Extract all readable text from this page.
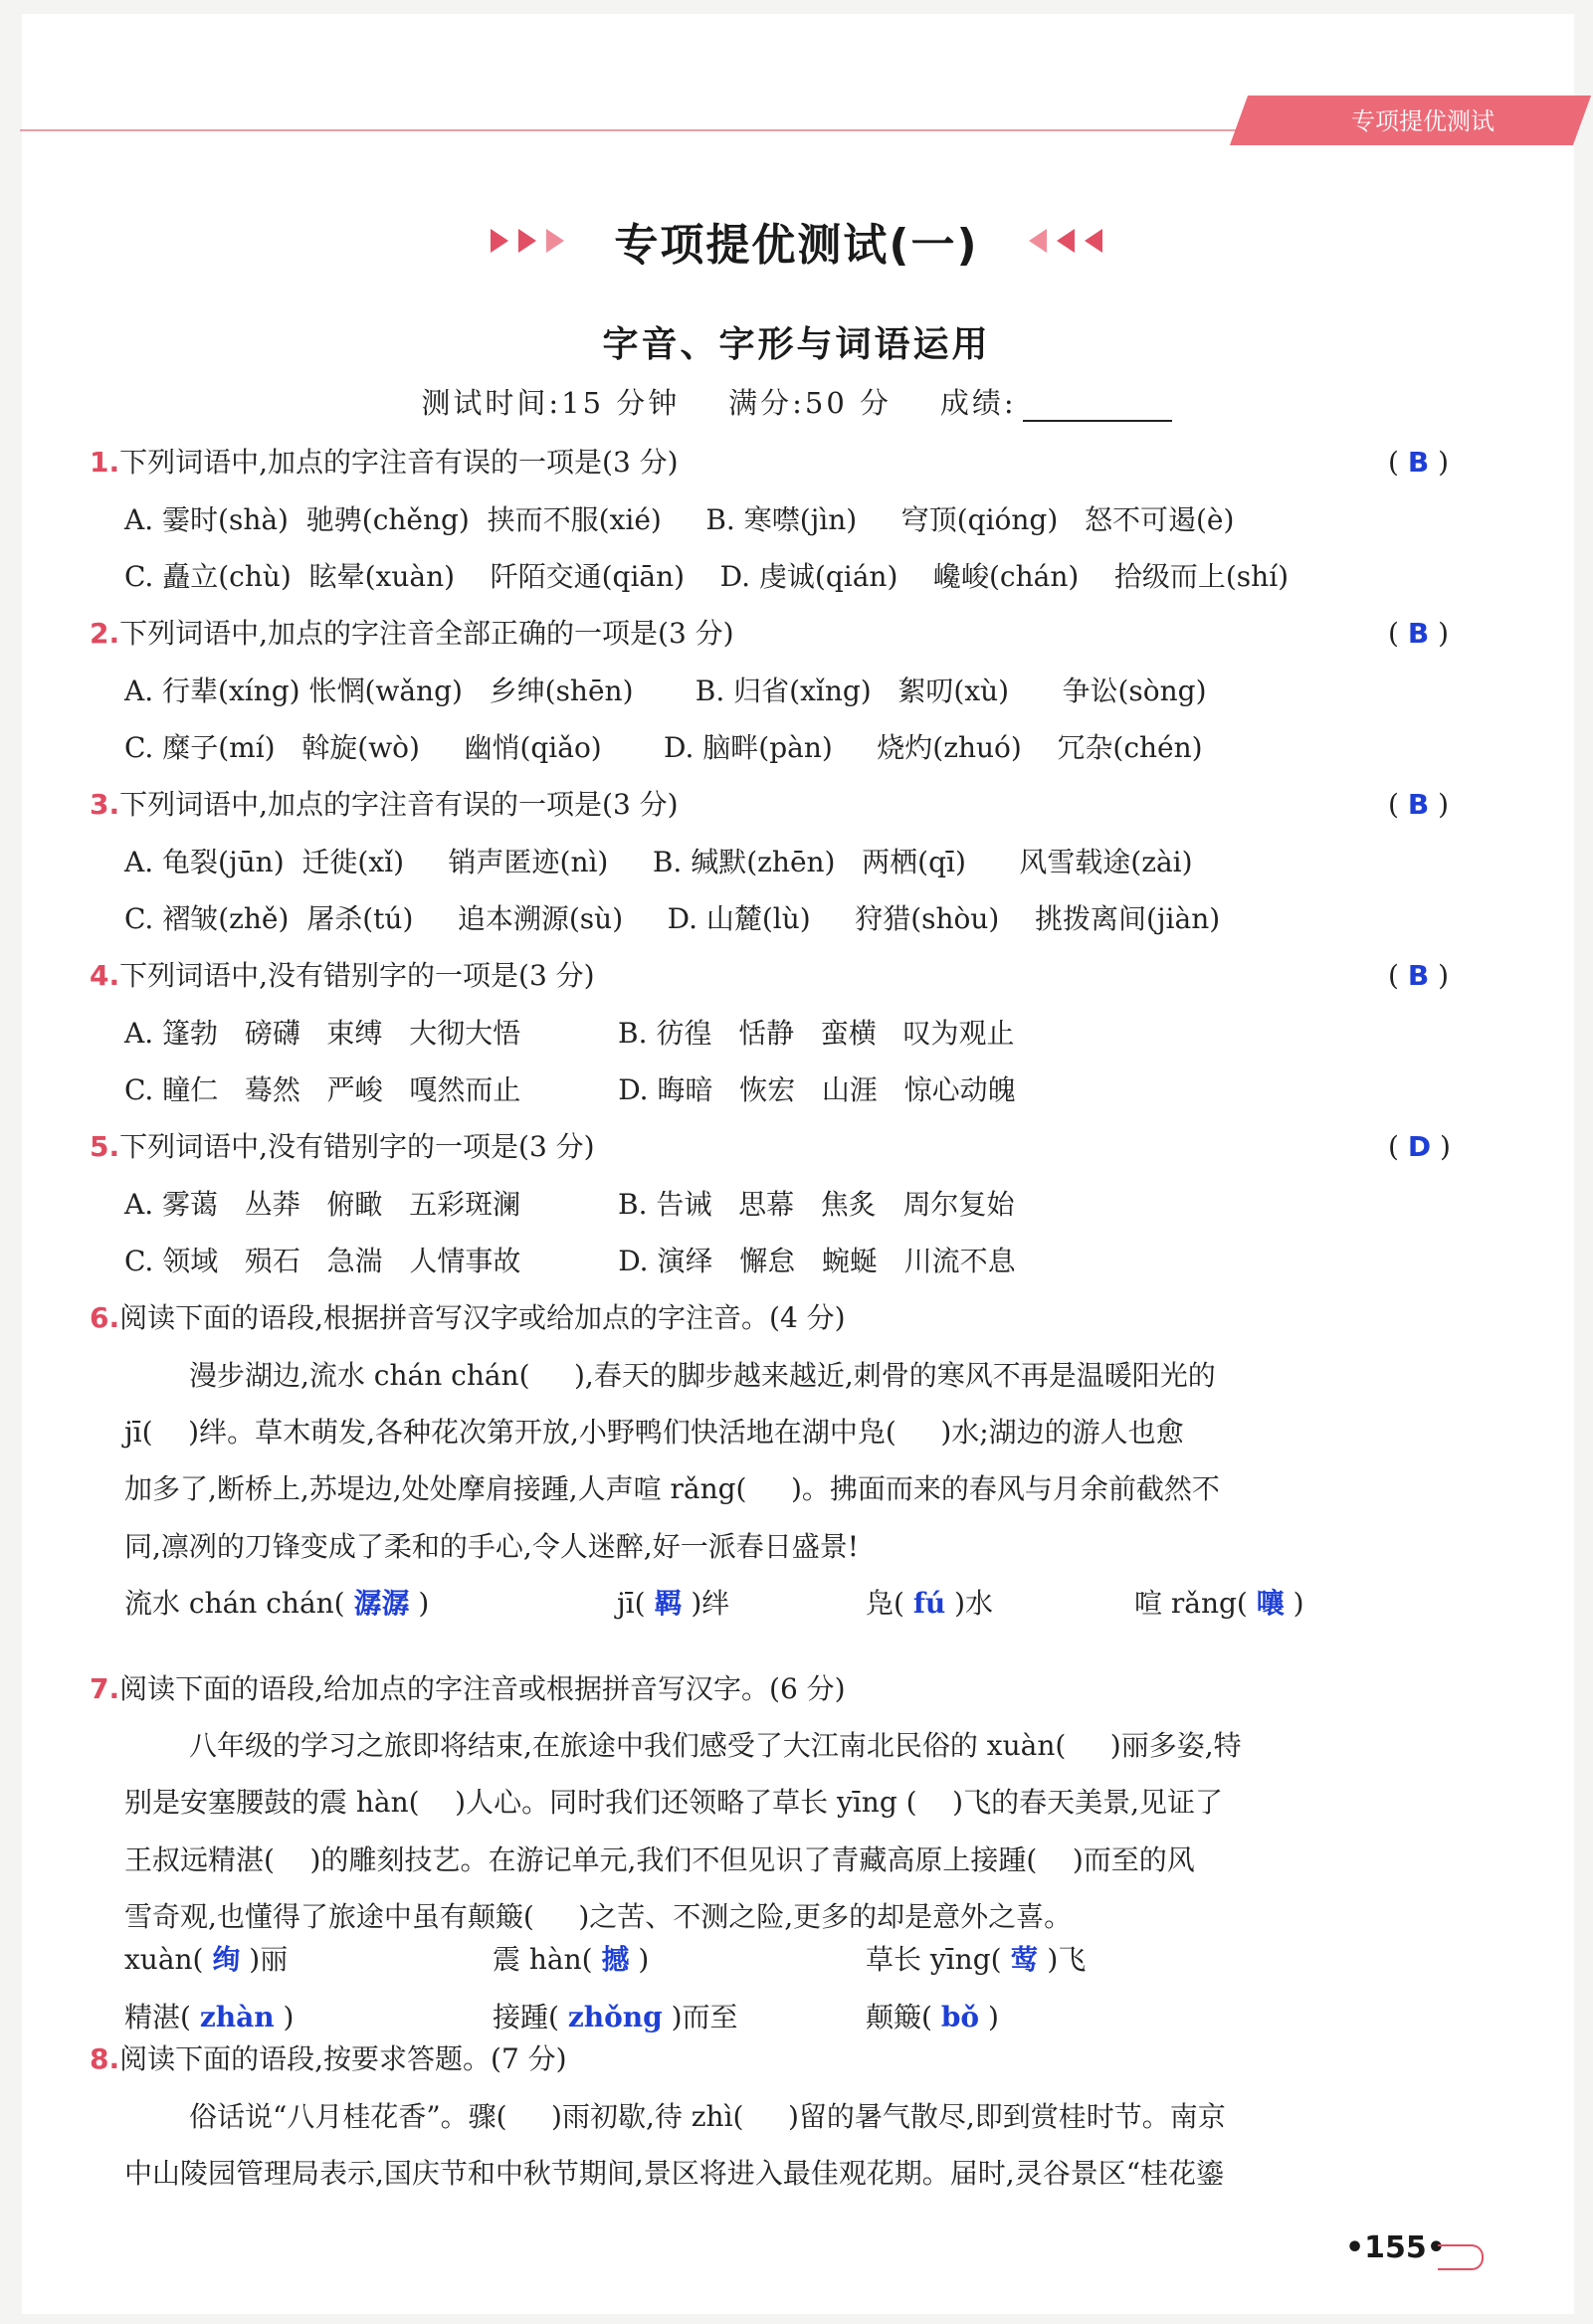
专项提优测试
专项提优测试(一)
字音、字形与词语运用
测试时间:15 分钟 满分:50 分 成绩:
1.下列词语中,加点的字注音有误的一项是(3 分)
A. 霎时(shà)  驰骋(chěng)  挟而不服(xié)     B. 寒噤(jìn)     穹顶(qióng)   怒不可遏(è)
C. 矗立(chù)  眩晕(xuàn)    阡陌交通(qiān)    D. 虔诚(qián)    巉峻(chán)    拾级而上(shí)
2.下列词语中,加点的字注音全部正确的一项是(3 分)
A. 行辈(xíng) 怅惘(wǎng)   乡绅(shēn)       B. 归省(xǐng)   絮叨(xù)      争讼(sòng)
C. 糜子(mí)   斡旋(wò)     幽悄(qiǎo)       D. 脑畔(pàn)     烧灼(zhuó)    冗杂(chén)
3.下列词语中,加点的字注音有误的一项是(3 分)
A. 龟裂(jūn)  迁徙(xǐ)     销声匿迹(nì)     B. 缄默(zhēn)   两栖(qī)      风雪载途(zài)
C. 褶皱(zhě)  屠杀(tú)     追本溯源(sù)     D. 山麓(lù)     狩猎(shòu)    挑拨离间(jiàn)
4.下列词语中,没有错别字的一项是(3 分)
A. 篷勃   磅礴   束缚   大彻大悟           B. 彷徨   恬静   蛮横   叹为观止
C. 瞳仁   蓦然   严峻   嘎然而止           D. 晦暗   恢宏   山涯   惊心动魄
5.下列词语中,没有错别字的一项是(3 分)
A. 雾蔼   丛莽   俯瞰   五彩斑澜           B. 告诫   思幕   焦炙   周尔复始
C. 领域   殒石   急湍   人情事故           D. 演绎   懈怠   蜿蜒   川流不息
6.阅读下面的语段,根据拼音写汉字或给加点的字注音。(4 分)
漫步湖边,流水 chán chán(     ),春天的脚步越来越近,刺骨的寒风不再是温暖阳光的
jī(    )绊。草木萌发,各种花次第开放,小野鸭们快活地在湖中凫(     )水;湖边的游人也愈
加多了,断桥上,苏堤边,处处摩肩接踵,人声喧 rǎng(     )。拂面而来的春风与月余前截然不
同,凛冽的刀锋变成了柔和的手心,令人迷醉,好一派春日盛景!
7.阅读下面的语段,给加点的字注音或根据拼音写汉字。(6 分)
八年级的学习之旅即将结束,在旅途中我们感受了大江南北民俗的 xuàn(     )丽多姿,特
别是安塞腰鼓的震 hàn(    )人心。同时我们还领略了草长 yīng (    )飞的春天美景,见证了
王叔远精湛(    )的雕刻技艺。在游记单元,我们不但见识了青藏高原上接踵(    )而至的风
雪奇观,也懂得了旅途中虽有颠簸(     )之苦、不测之险,更多的却是意外之喜。
8.阅读下面的语段,按要求答题。(7 分)
俗话说“八月桂花香”。骤(     )雨初歇,待 zhì(     )留的暑气散尽,即到赏桂时节。南京
中山陵园管理局表示,国庆节和中秋节期间,景区将进入最佳观花期。届时,灵谷景区“桂花鎏
( B )
( B )
( B )
( B )
( D )
流水 chán chán( 潺潺 )	jī( 羁 )绊	凫( fú )水	喧 rǎng( 嚷 )
xuàn( 绚 )丽	震 hàn( 撼 )	草长 yīng( 莺 )飞
精湛( zhàn )	接踵( zhǒng )而至	颠簸( bǒ )
•155•
